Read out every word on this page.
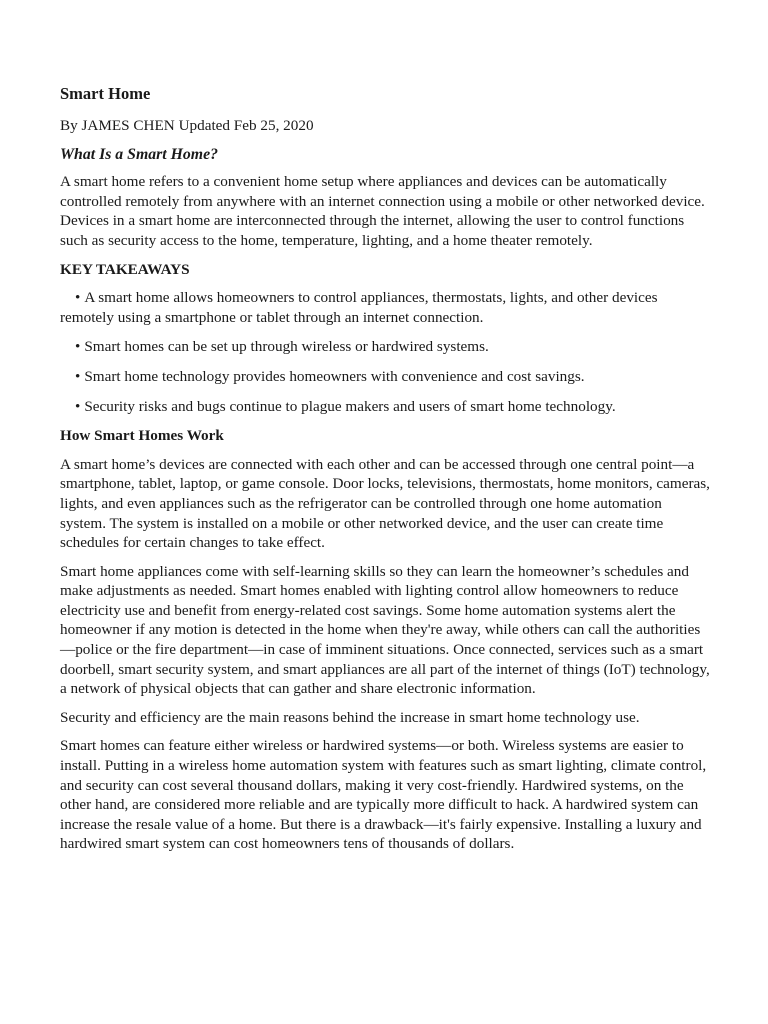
Smart Home
By JAMES CHEN Updated Feb 25, 2020
What Is a Smart Home?

A smart home refers to a convenient home setup where appliances and devices can be automatically controlled remotely from anywhere with an internet connection using a mobile or other networked device. Devices in a smart home are interconnected through the internet, allowing the user to control functions such as security access to the home, temperature, lighting, and a home theater remotely.

KEY TAKEAWAYS
• A smart home allows homeowners to control appliances, thermostats, lights, and other devices remotely using a smartphone or tablet through an internet connection.
• Smart homes can be set up through wireless or hardwired systems.
• Smart home technology provides homeowners with convenience and cost savings.
• Security risks and bugs continue to plague makers and users of smart home technology.
How Smart Homes Work

A smart home’s devices are connected with each other and can be accessed through one central point—a smartphone, tablet, laptop, or game console. Door locks, televisions, thermostats, home monitors, cameras, lights, and even appliances such as the refrigerator can be controlled through one home automation system. The system is installed on a mobile or other networked device, and the user can create time schedules for certain changes to take effect.

Smart home appliances come with self-learning skills so they can learn the homeowner’s schedules and make adjustments as needed. Smart homes enabled with lighting control allow homeowners to reduce electricity use and benefit from energy-related cost savings. Some home automation systems alert the homeowner if any motion is detected in the home when they're away, while others can call the authorities—police or the fire department—in case of imminent situations. Once connected, services such as a smart doorbell, smart security system, and smart appliances are all part of the internet of things (IoT) technology, a network of physical objects that can gather and share electronic information.

Security and efficiency are the main reasons behind the increase in smart home technology use.

Smart homes can feature either wireless or hardwired systems—or both. Wireless systems are easier to install. Putting in a wireless home automation system with features such as smart lighting, climate control, and security can cost several thousand dollars, making it very cost-friendly. Hardwired systems, on the other hand, are considered more reliable and are typically more difficult to hack. A hardwired system can increase the resale value of a home. But there is a drawback—it's fairly expensive. Installing a luxury and hardwired smart system can cost homeowners tens of thousands of dollars.
